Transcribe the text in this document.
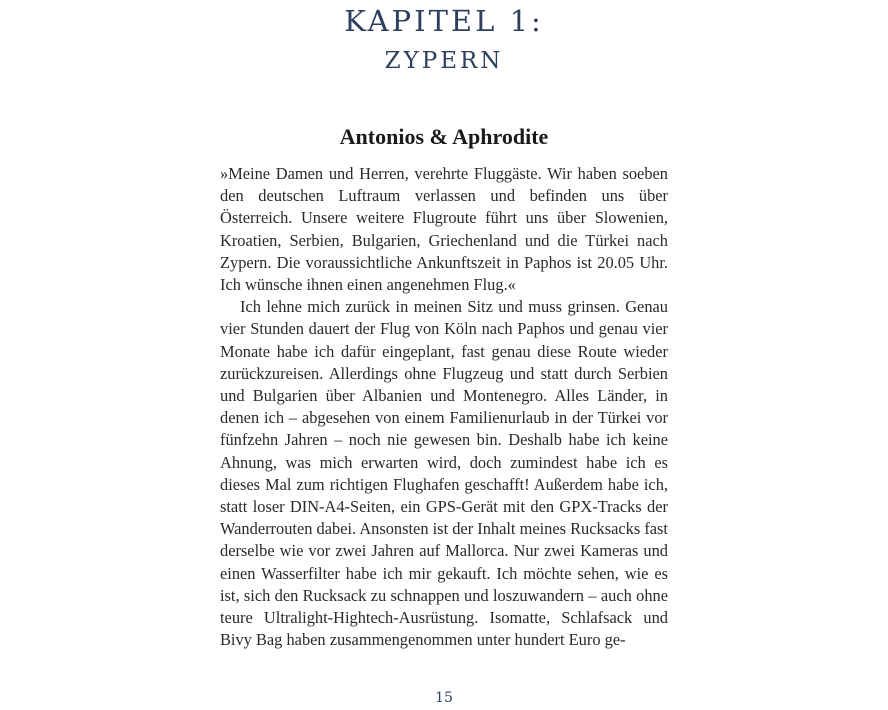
KAPITEL 1:
ZYPERN
Antonios & Aphrodite

»Meine Damen und Herren, verehrte Fluggäste. Wir haben soeben den deutschen Luftraum verlassen und befinden uns über Österreich. Unsere weitere Flugroute führt uns über Slowenien, Kroatien, Serbien, Bulgarien, Griechenland und die Türkei nach Zypern. Die voraussichtliche Ankunftszeit in Paphos ist 20.05 Uhr. Ich wünsche ihnen einen angenehmen Flug.«

Ich lehne mich zurück in meinen Sitz und muss grinsen. Genau vier Stunden dauert der Flug von Köln nach Paphos und genau vier Monate habe ich dafür eingeplant, fast genau diese Route wieder zurückzureisen. Allerdings ohne Flugzeug und statt durch Serbien und Bulgarien über Albanien und Montenegro. Alles Länder, in denen ich – abgesehen von einem Familienurlaub in der Türkei vor fünfzehn Jahren – noch nie gewesen bin. Deshalb habe ich keine Ahnung, was mich erwarten wird, doch zumindest habe ich es dieses Mal zum richtigen Flughafen geschafft! Außerdem habe ich, statt loser DIN-A4-Seiten, ein GPS-Gerät mit den GPX-Tracks der Wanderrouten dabei. Ansonsten ist der Inhalt meines Rucksacks fast derselbe wie vor zwei Jahren auf Mallorca. Nur zwei Kameras und einen Wasserfilter habe ich mir gekauft. Ich möchte sehen, wie es ist, sich den Rucksack zu schnappen und loszuwandern – auch ohne teure Ultralight-Hightech-Ausrüstung. Isomatte, Schlafsack und Bivy Bag haben zusammengenommen unter hundert Euro ge-

15
